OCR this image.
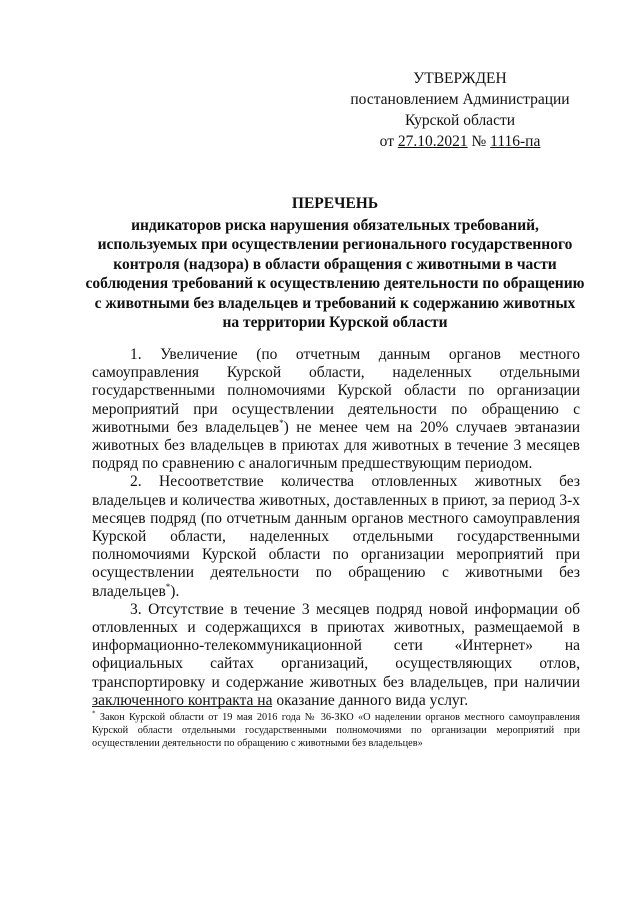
УТВЕРЖДЕН
постановлением Администрации
Курской области
от 27.10.2021 № 1116-па
ПЕРЕЧЕНЬ
индикаторов риска нарушения обязательных требований,
используемых при осуществлении регионального государственного
контроля (надзора) в области обращения с животными в части
соблюдения требований к осуществлению деятельности по обращению
с животными без владельцев и требований к содержанию животных
на территории Курской области

1. Увеличение (по отчетным данным органов местного самоуправления Курской области, наделенных отдельными государственными полномочиями Курской области по организации мероприятий при осуществлении деятельности по обращению с животными без владельцев*) не менее чем на 20% случаев эвтаназии животных без владельцев в приютах для животных в течение 3 месяцев подряд по сравнению с аналогичным предшествующим периодом.

2. Несоответствие количества отловленных животных без владельцев и количества животных, доставленных в приют, за период 3-х месяцев подряд (по отчетным данным органов местного самоуправления Курской области, наделенных отдельными государственными полномочиями Курской области по организации мероприятий при осуществлении деятельности по обращению с животными без владельцев*).

3. Отсутствие в течение 3 месяцев подряд новой информации об отловленных и содержащихся в приютах животных, размещаемой в информационно-телекоммуникационной сети «Интернет» на официальных сайтах организаций, осуществляющих отлов, транспортировку и содержание животных без владельцев, при наличии заключенного контракта на оказание данного вида услуг.

* Закон Курской области от 19 мая 2016 года № 36-ЗКО «О наделении органов местного самоуправления Курской области отдельными государственными полномочиями по организации мероприятий при осуществлении деятельности по обращению с животными без владельцев»
